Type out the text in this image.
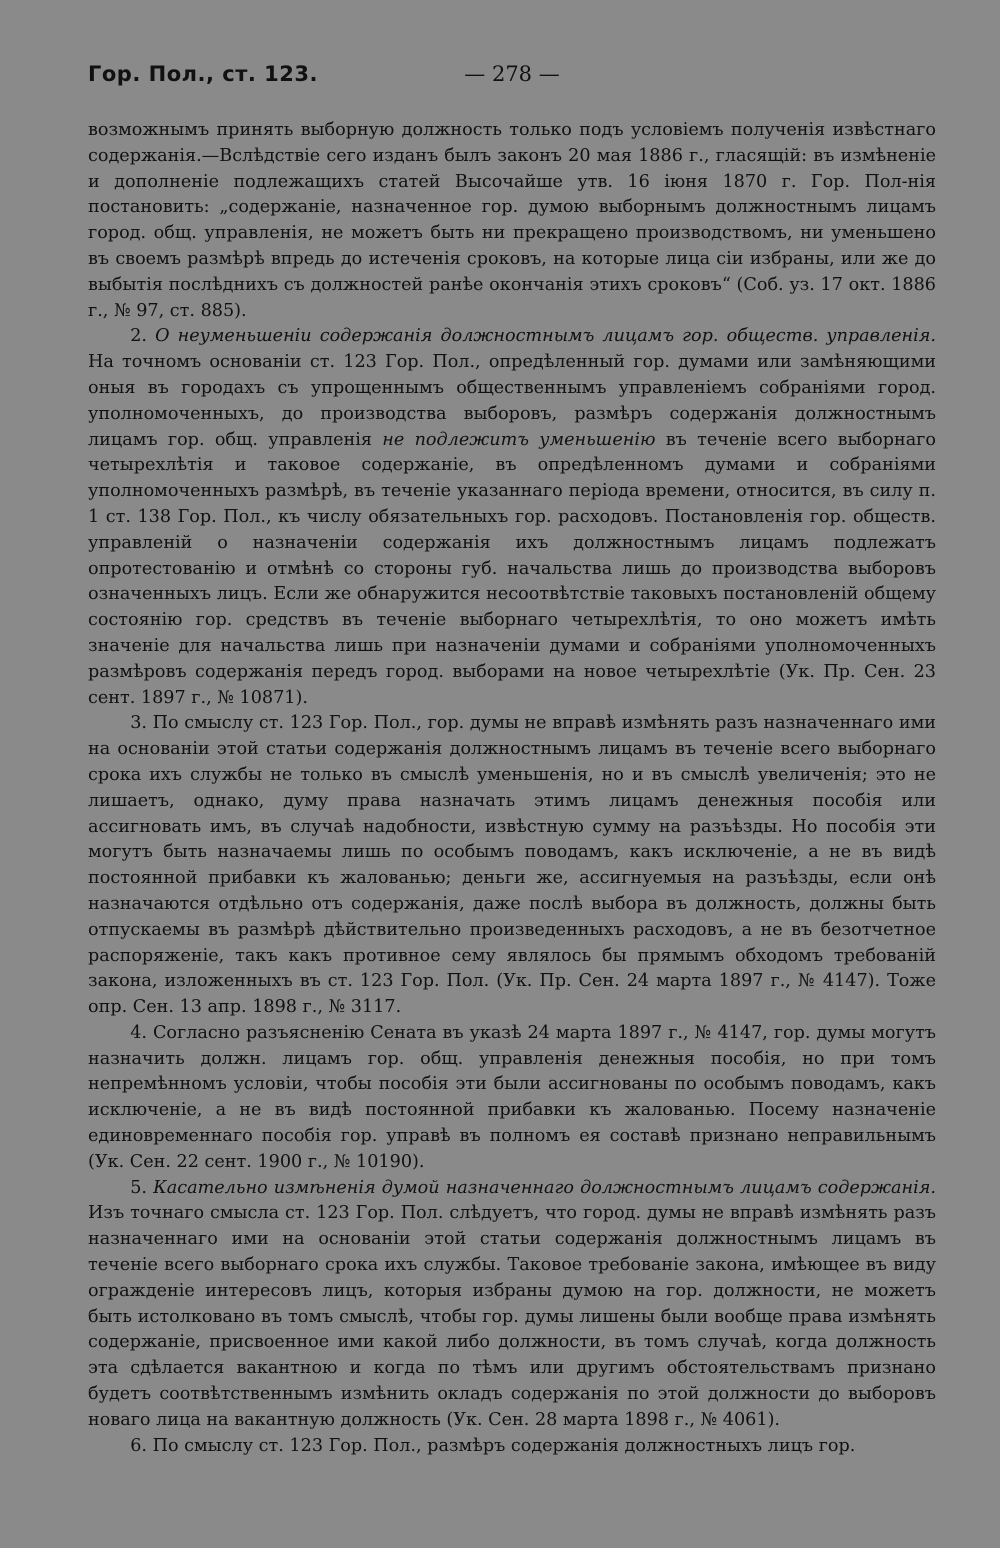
Гор. Пол., ст. 123.	— 278 —

возможнымъ принять выборную должность только подъ условіемъ полученія извѣстнаго содержанія.—Вслѣдствіе сего изданъ былъ законъ 20 мая 1886 г., гласящій: въ измѣненіе и дополненіе подлежащихъ статей Высочайше утв. 16 іюня 1870 г. Гор. Пол-нія постановить: „содержаніе, назначенное гор. думою выборнымъ должностнымъ лицамъ город. общ. управленія, не можетъ быть ни прекращено производствомъ, ни уменьшено въ своемъ размѣрѣ впредь до истеченія сроковъ, на которые лица сіи избраны, или же до выбытія послѣднихъ съ должностей ранѣе окончанія этихъ сроковъ“ (Соб. уз. 17 окт. 1886 г., № 97, ст. 885).

2. О неуменьшеніи содержанія должностнымъ лицамъ гор. обществ. управленія. На точномъ основаніи ст. 123 Гор. Пол., опредѣленный гор. думами или замѣняющими оныя въ городахъ съ упрощеннымъ общественнымъ управленіемъ собраніями город. уполномоченныхъ, до производства выборовъ, размѣръ содержанія должностнымъ лицамъ гор. общ. управленія не подлежитъ уменьшенію въ теченіе всего выборнаго четырехлѣтія и таковое содержаніе, въ опредѣленномъ думами и собраніями уполномоченныхъ размѣрѣ, въ теченіе указаннаго періода времени, относится, въ силу п. 1 ст. 138 Гор. Пол., къ числу обязательныхъ гор. расходовъ. Постановленія гор. обществ. управленій о назначеніи содержанія ихъ должностнымъ лицамъ подлежатъ опротестованію и отмѣнѣ со стороны губ. начальства лишь до производства выборовъ означенныхъ лицъ. Если же обнаружится несоотвѣтствіе таковыхъ постановленій общему состоянію гор. средствъ въ теченіе выборнаго четырехлѣтія, то оно можетъ имѣть значеніе для начальства лишь при назначеніи думами и собраніями уполномоченныхъ размѣровъ содержанія передъ город. выборами на новое четырехлѣтіе (Ук. Пр. Сен. 23 сент. 1897 г., № 10871).

3. По смыслу ст. 123 Гор. Пол., гор. думы не вправѣ измѣнять разъ назначеннаго ими на основаніи этой статьи содержанія должностнымъ лицамъ въ теченіе всего выборнаго срока ихъ службы не только въ смыслѣ уменьшенія, но и въ смыслѣ увеличенія; это не лишаетъ, однако, думу права назначать этимъ лицамъ денежныя пособія или ассигновать имъ, въ случаѣ надобности, извѣстную сумму на разъѣзды. Но пособія эти могутъ быть назначаемы лишь по особымъ поводамъ, какъ исключеніе, а не въ видѣ постоянной прибавки къ жалованью; деньги же, ассигнуемыя на разъѣзды, если онѣ назначаются отдѣльно отъ содержанія, даже послѣ выбора въ должность, должны быть отпускаемы въ размѣрѣ дѣйствительно произведенныхъ расходовъ, а не въ безотчетное распоряженіе, такъ какъ противное сему являлось бы прямымъ обходомъ требованій закона, изложенныхъ въ ст. 123 Гор. Пол. (Ук. Пр. Сен. 24 марта 1897 г., № 4147). Тоже опр. Сен. 13 апр. 1898 г., № 3117.

4. Согласно разъясненію Сената въ указѣ 24 марта 1897 г., № 4147, гор. думы могутъ назначить должн. лицамъ гор. общ. управленія денежныя пособія, но при томъ непремѣнномъ условіи, чтобы пособія эти были ассигнованы по особымъ поводамъ, какъ исключеніе, а не въ видѣ постоянной прибавки къ жалованью. Посему назначеніе единовременнаго пособія гор. управѣ въ полномъ ея составѣ признано неправильнымъ (Ук. Сен. 22 сент. 1900 г., № 10190).

5. Касательно измѣненія думой назначеннаго должностнымъ лицамъ содержанія. Изъ точнаго смысла ст. 123 Гор. Пол. слѣдуетъ, что город. думы не вправѣ измѣнять разъ назначеннаго ими на основаніи этой статьи содержанія должностнымъ лицамъ въ теченіе всего выборнаго срока ихъ службы. Таковое требованіе закона, имѣющее въ виду огражденіе интересовъ лицъ, которыя избраны думою на гор. должности, не можетъ быть истолковано въ томъ смыслѣ, чтобы гор. думы лишены были вообще права измѣнять содержаніе, присвоенное ими какой либо должности, въ томъ случаѣ, когда должность эта сдѣлается вакантною и когда по тѣмъ или другимъ обстоятельствамъ признано будетъ соотвѣтственнымъ измѣнить окладъ содержанія по этой должности до выборовъ новаго лица на вакантную должность (Ук. Сен. 28 марта 1898 г., № 4061).

6. По смыслу ст. 123 Гор. Пол., размѣръ содержанія должностныхъ лицъ гор.
